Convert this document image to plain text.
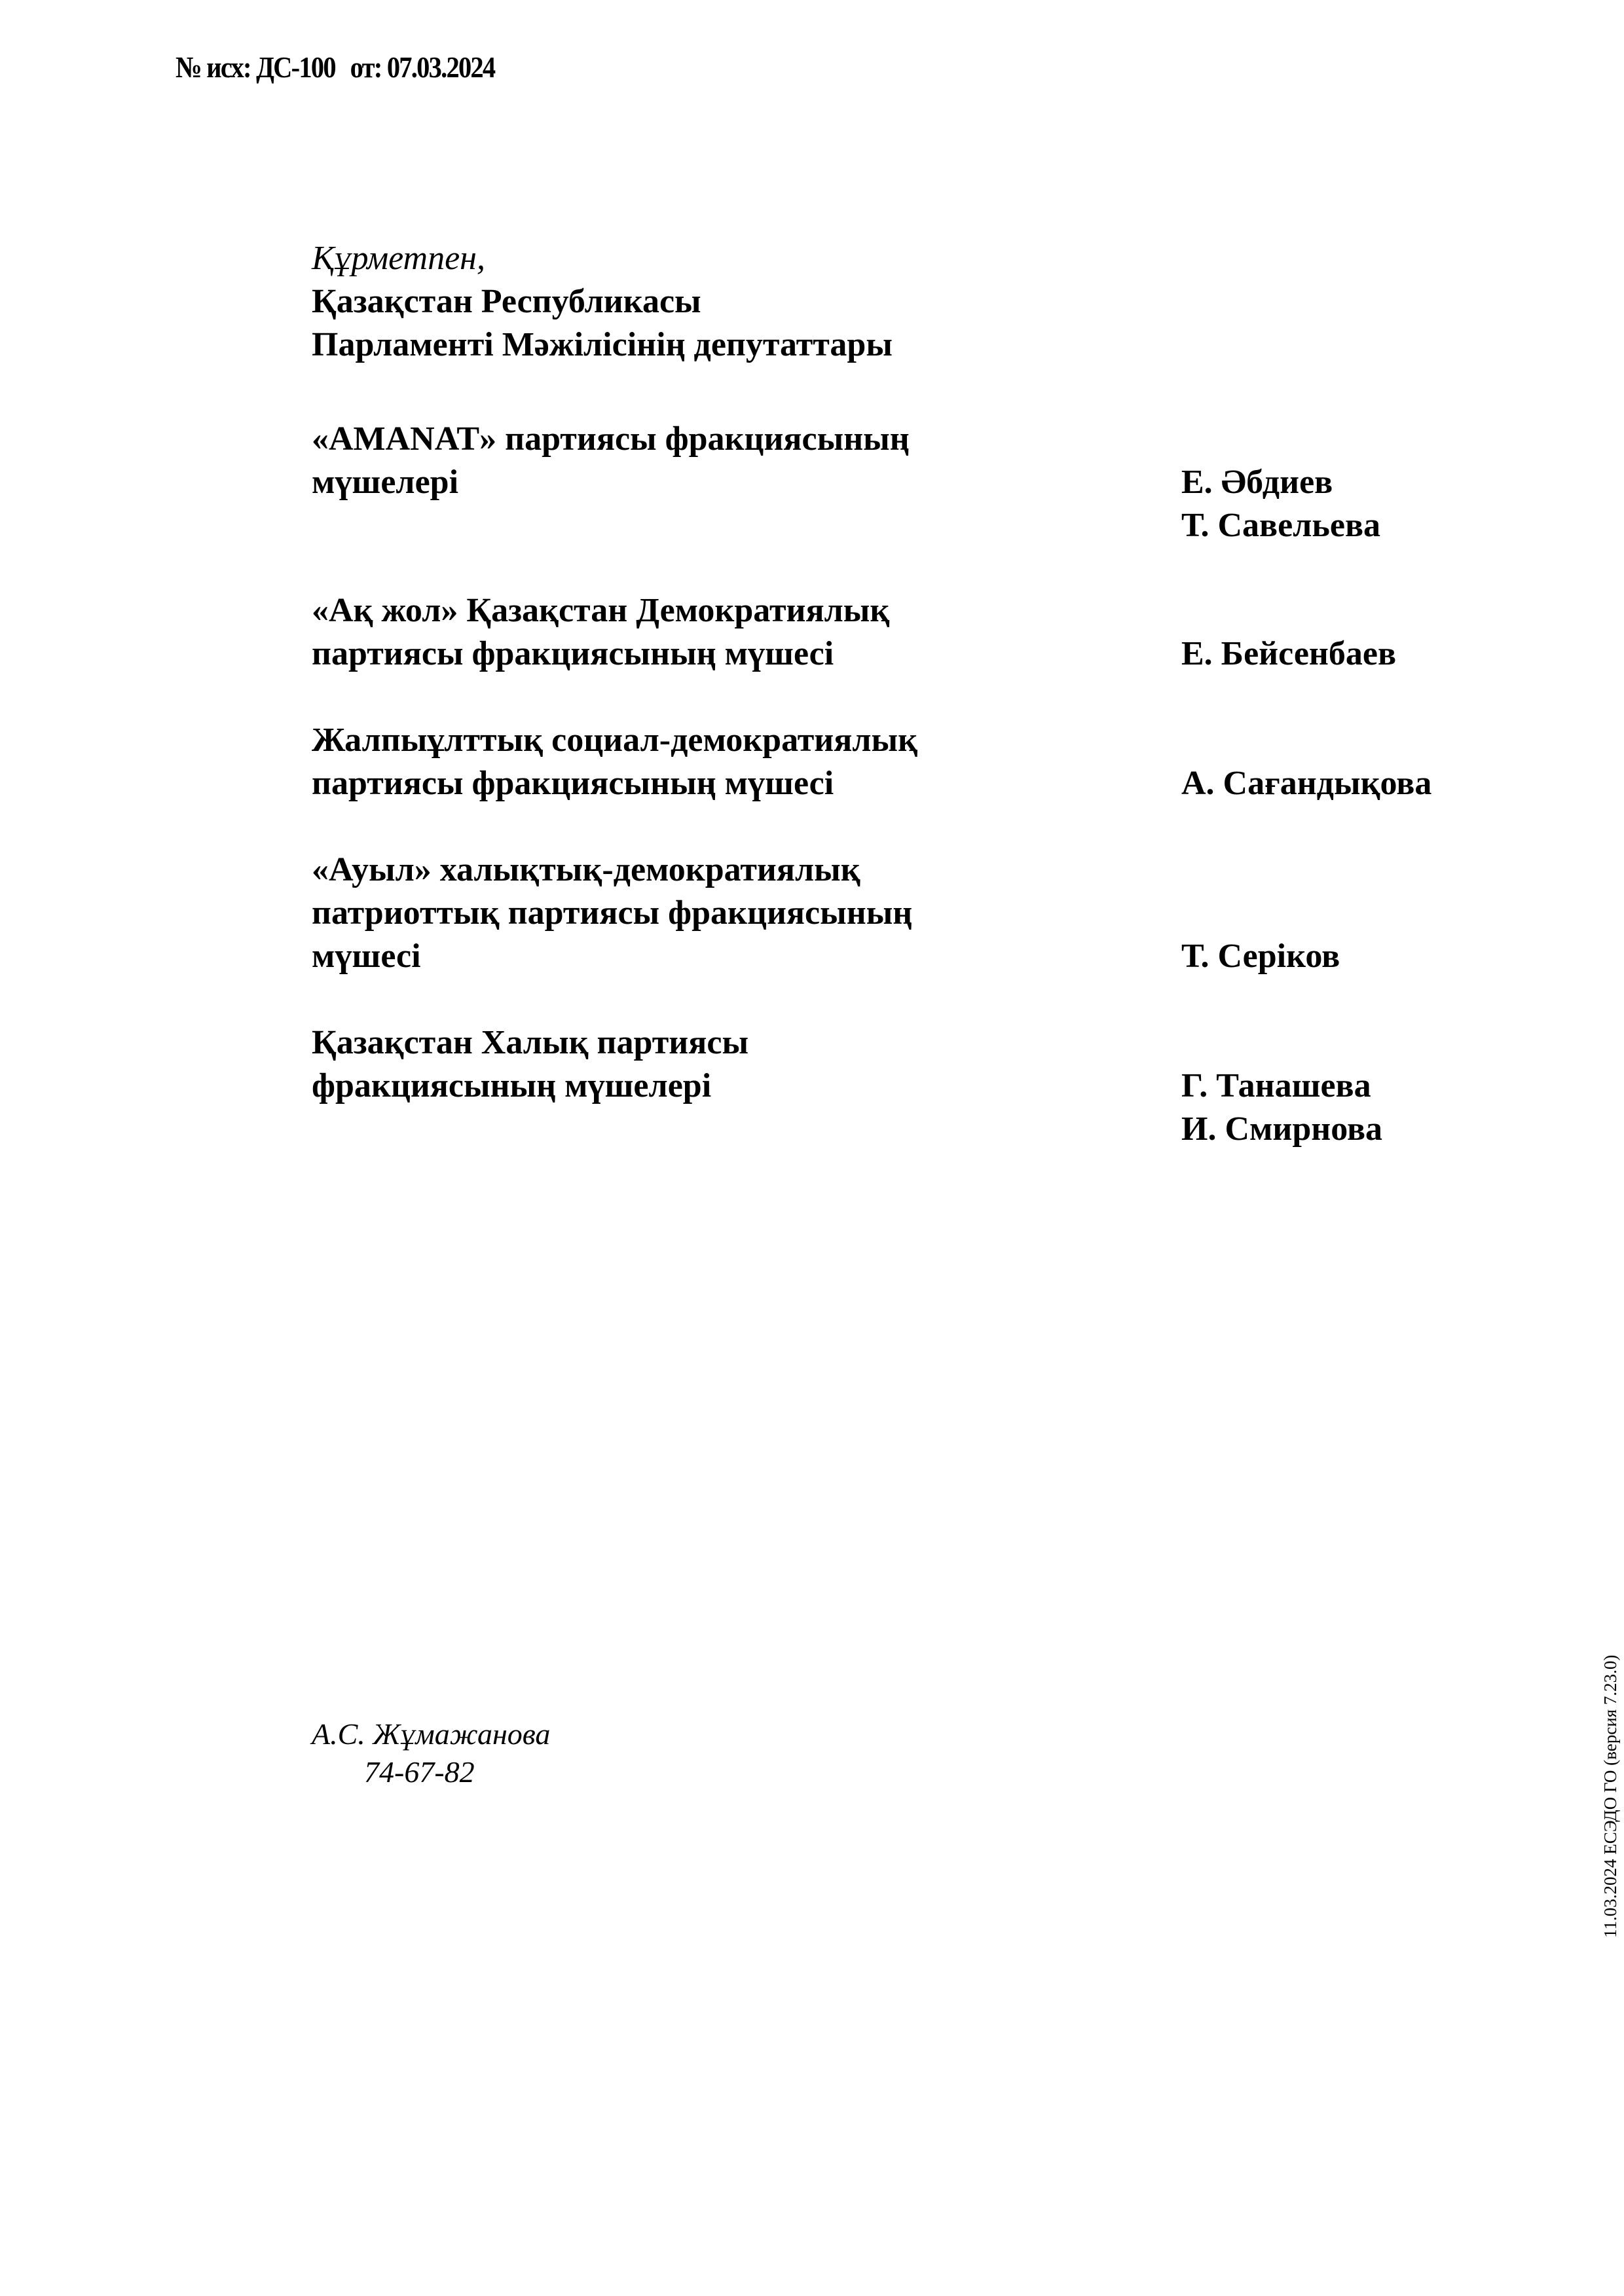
№ исх: ДС-100 от: 07.03.2024
Құрметпен,
Қазақстан Республикасы
Парламенті Мәжілісінің депутаттары
«AMANAT» партиясы фракциясының
мүшелері	Е. Әбдиев
Т. Савельева
«Ақ жол» Қазақстан Демократиялық
партиясы фракциясының мүшесі	Е. Бейсенбаев
Жалпыұлттық социал-демократиялық
партиясы фракциясының мүшесі	А. Сағандықова
«Ауыл» халықтық-демократиялық
патриоттық партиясы фракциясының
мүшесі	Т. Серіков
Қазақстан Халық партиясы
фракциясының мүшелері	Г. Танашева
И. Смирнова
А.С. Жұмажанова
74-67-82	11.03.2024 ЕСЭДО ГО (версия 7.23.0)
